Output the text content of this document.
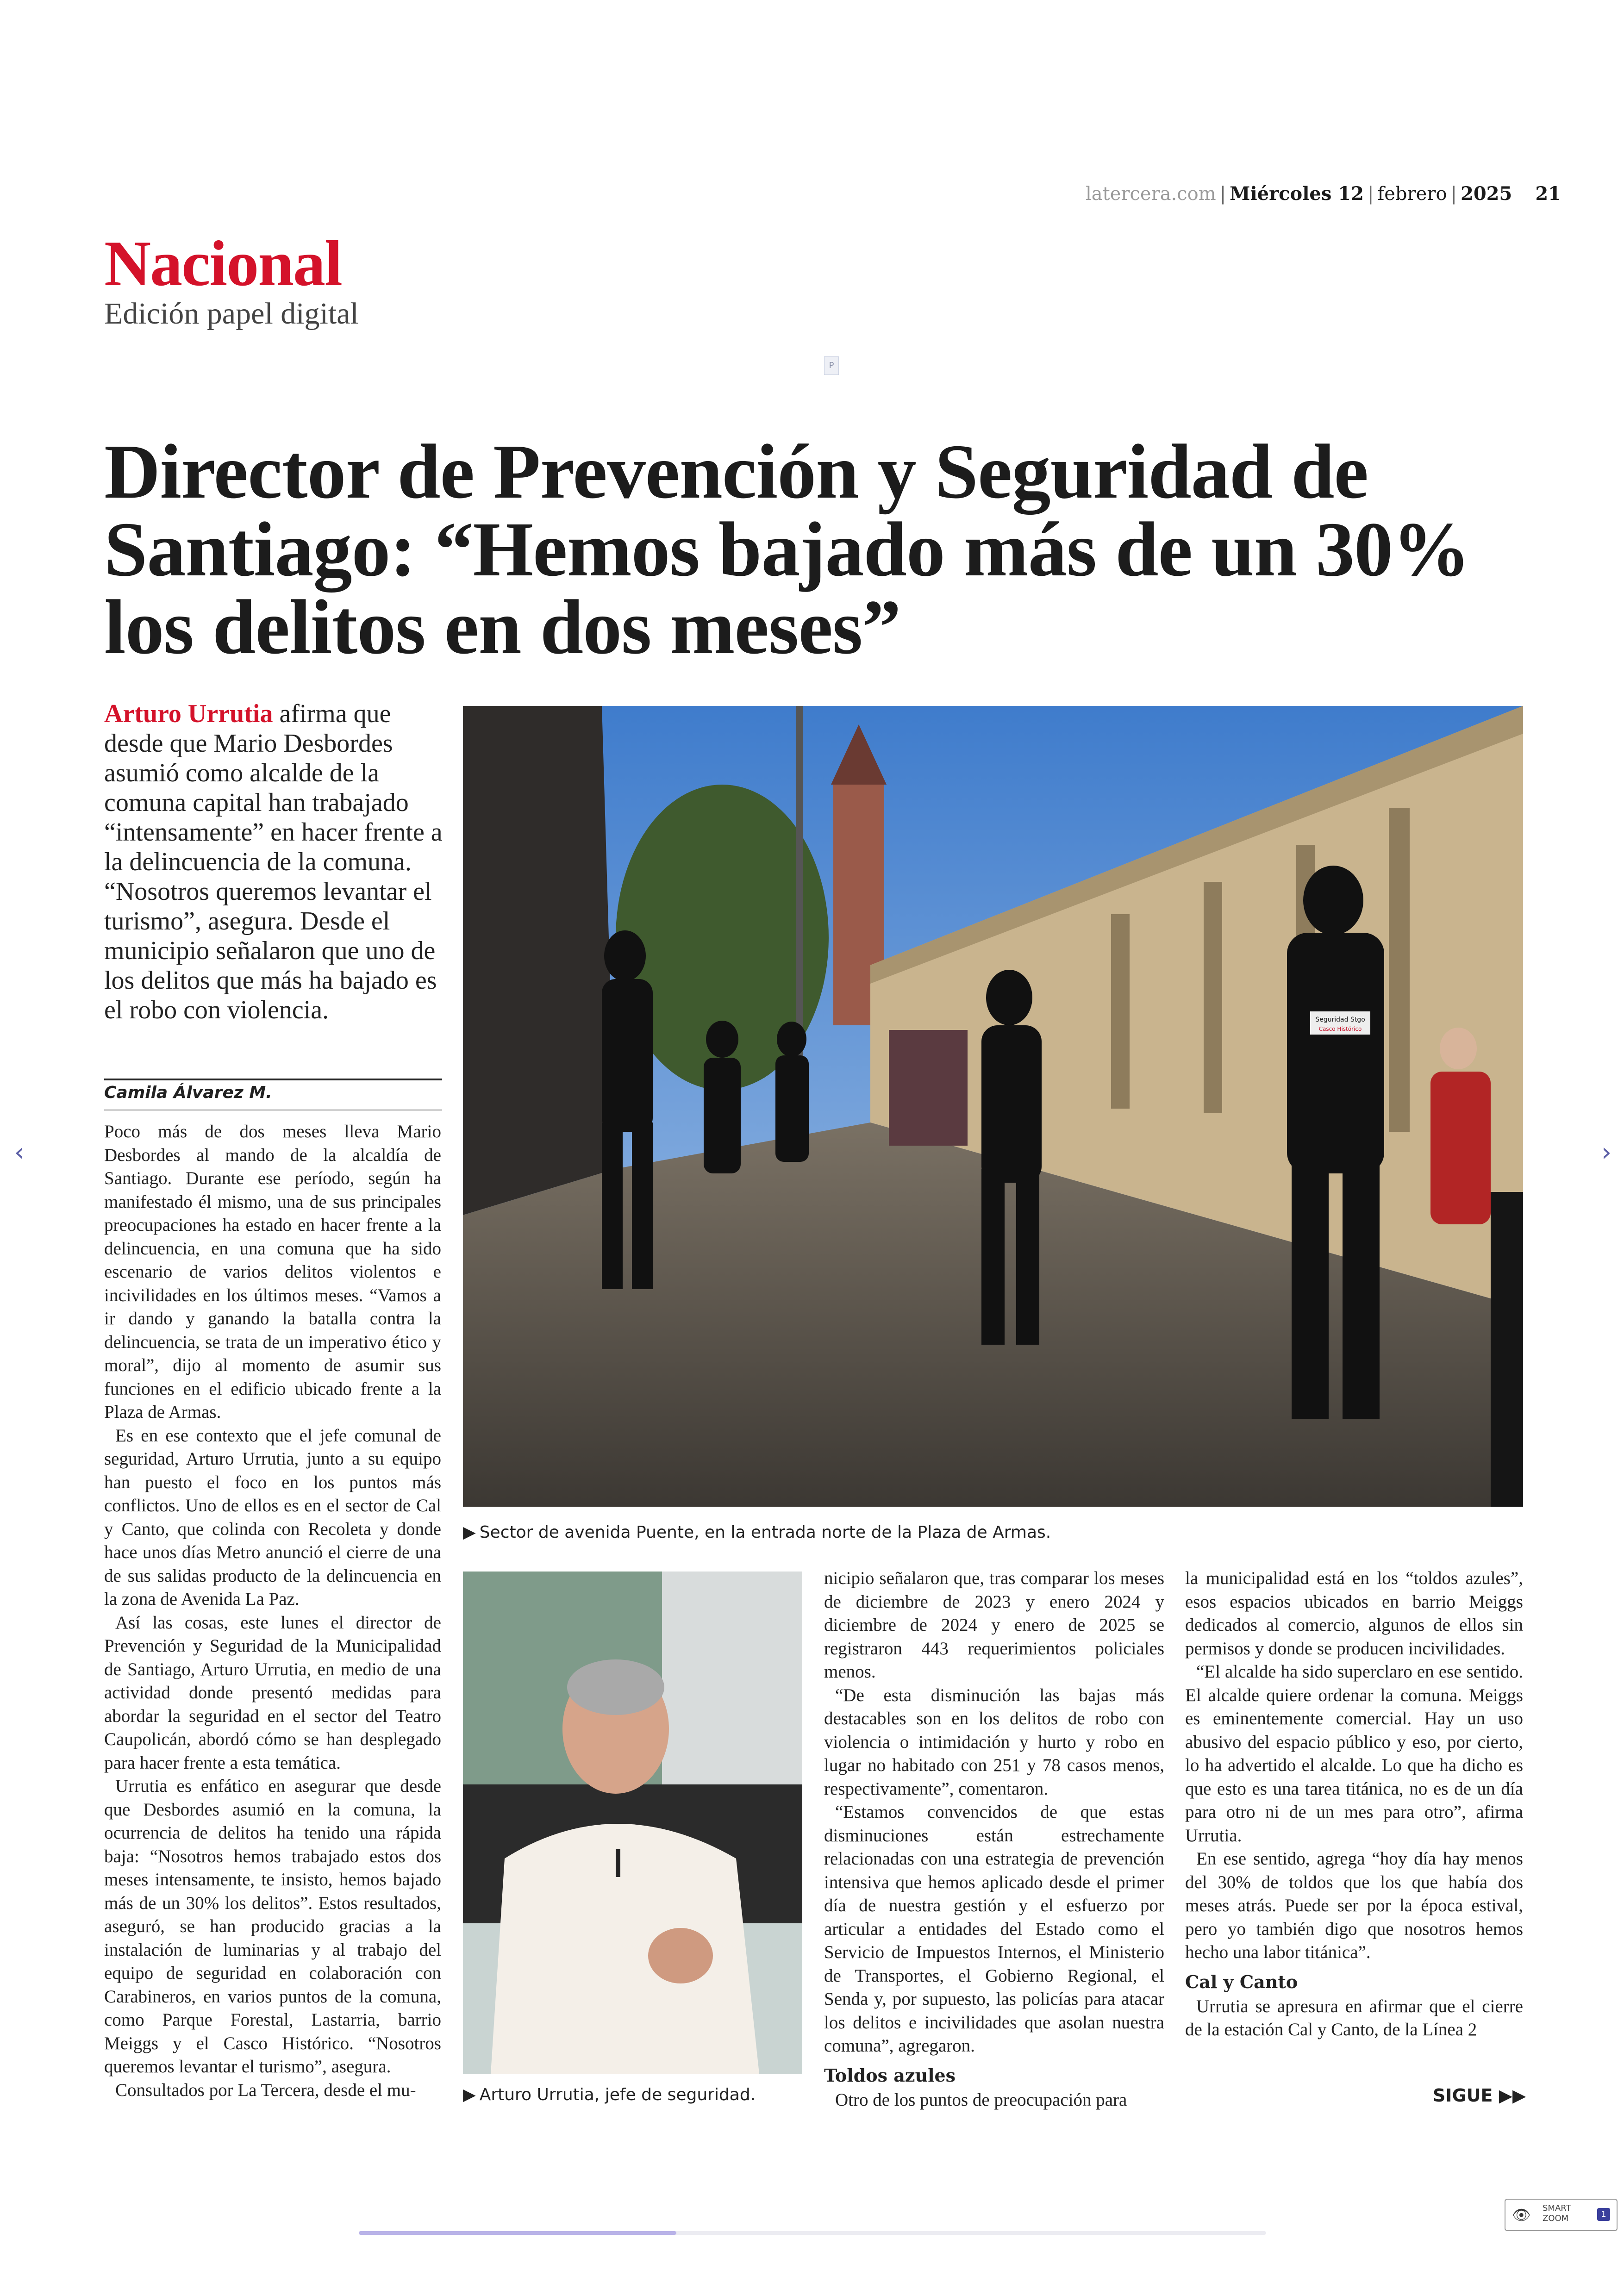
latercera.com | Miércoles 12 | febrero | 2025 21
Nacional
Edición papel digital
P
Director de Prevención y Seguridad de
Santiago: “Hemos bajado más de un 30%
los delitos en dos meses”

Arturo Urrutia afirma que desde que Mario Desbordes asumió como alcalde de la comuna capital han trabajado “intensamente” en hacer frente a la delincuencia de la comuna. “Nosotros queremos levantar el turismo”, asegura. Desde el municipio señalaron que uno de los delitos que más ha bajado es el robo con violencia.

Camila Álvarez M.

Poco más de dos meses lleva Mario Desbordes al mando de la alcaldía de Santiago. Durante ese período, según ha manifestado él mismo, una de sus principales preocupaciones ha estado en hacer frente a la delincuencia, en una comuna que ha sido escenario de varios delitos violentos e incivilidades en los últimos meses. “Vamos a ir dando y ganando la batalla contra la delincuencia, se trata de un imperativo ético y moral”, dijo al momento de asumir sus funciones en el edificio ubicado frente a la Plaza de Armas.

Es en ese contexto que el jefe comunal de seguridad, Arturo Urrutia, junto a su equipo han puesto el foco en los puntos más conflictos. Uno de ellos es en el sector de Cal y Canto, que colinda con Recoleta y donde hace unos días Metro anunció el cierre de una de sus salidas producto de la delincuencia en la zona de Avenida La Paz.

Así las cosas, este lunes el director de Prevención y Seguridad de la Municipalidad de Santiago, Arturo Urrutia, en medio de una actividad donde presentó medidas para abordar la seguridad en el sector del Teatro Caupolicán, abordó cómo se han desplegado para hacer frente a esta temática.

Urrutia es enfático en asegurar que desde que Desbordes asumió en la comuna, la ocurrencia de delitos ha tenido una rápida baja: “Nosotros hemos trabajado estos dos meses intensamente, te insisto, hemos bajado más de un 30% los delitos”. Estos resultados, aseguró, se han producido gracias a la instalación de luminarias y al trabajo del equipo de seguridad en colaboración con Carabineros, en varios puntos de la comuna, como Parque Forestal, Lastarria, barrio Meiggs y el Casco Histórico. “Nosotros queremos levantar el turismo”, asegura.

Consultados por La Tercera, desde el mu-

Seguridad Stgo
Casco Histórico
▶ Sector de avenida Puente, en la entrada norte de la Plaza de Armas.
▶ Arturo Urrutia, jefe de seguridad.

nicipio señalaron que, tras comparar los meses de diciembre de 2023 y enero 2024 y diciembre de 2024 y enero de 2025 se registraron 443 requerimientos policiales menos.

“De esta disminución las bajas más destacables son en los delitos de robo con violencia o intimidación y hurto y robo en lugar no habitado con 251 y 78 casos menos, respectivamente”, comentaron.

“Estamos convencidos de que estas disminuciones están estrechamente relacionadas con una estrategia de prevención intensiva que hemos aplicado desde el primer día de nuestra gestión y el esfuerzo por articular a entidades del Estado como el Servicio de Impuestos Internos, el Ministerio de Transportes, el Gobierno Regional, el Senda y, por supuesto, las policías para atacar los delitos e incivilidades que asolan nuestra comuna”, agregaron.

Toldos azules

Otro de los puntos de preocupación para

la municipalidad está en los “toldos azules”, esos espacios ubicados en barrio Meiggs dedicados al comercio, algunos de ellos sin permisos y donde se producen incivilidades.

“El alcalde ha sido superclaro en ese sentido. El alcalde quiere ordenar la comuna. Meiggs es eminentemente comercial. Hay un uso abusivo del espacio público y eso, por cierto, lo ha advertido el alcalde. Lo que ha dicho es que esto es una tarea titánica, no es de un día para otro ni de un mes para otro”, afirma Urrutia.

En ese sentido, agrega “hoy día hay menos del 30% de toldos que los que había dos meses atrás. Puede ser por la época estival, pero yo también digo que nosotros hemos hecho una labor titánica”.

Cal y Canto

Urrutia se apresura en afirmar que el cierre de la estación Cal y Canto, de la Línea 2

SIGUE ▶▶
‹	›
👁 SMART ZOOM	1
